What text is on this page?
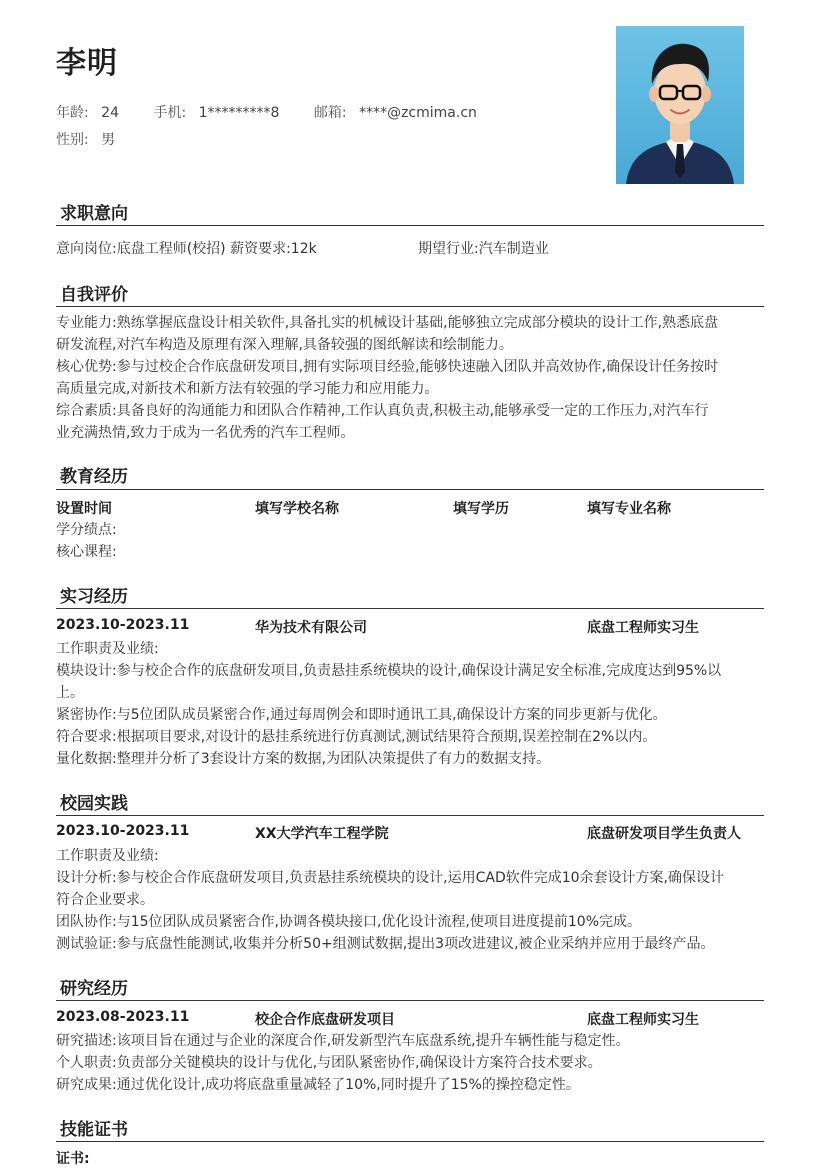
李明
年龄: 24 手机: 1*********8 邮箱: ****@zcmima.cn
性别: 男
求职意向
意向岗位:底盘工程师(校招) 薪资要求:12k	期望行业:汽车制造业
自我评价
专业能力:熟练掌握底盘设计相关软件,具备扎实的机械设计基础,能够独立完成部分模块的设计工作,熟悉底盘
研发流程,对汽车构造及原理有深入理解,具备较强的图纸解读和绘制能力。
核心优势:参与过校企合作底盘研发项目,拥有实际项目经验,能够快速融入团队并高效协作,确保设计任务按时
高质量完成,对新技术和新方法有较强的学习能力和应用能力。
综合素质:具备良好的沟通能力和团队合作精神,工作认真负责,积极主动,能够承受一定的工作压力,对汽车行
业充满热情,致力于成为一名优秀的汽车工程师。
教育经历
设置时间	填写学校名称	填写学历	填写专业名称
学分绩点:
核心课程:
实习经历
2023.10-2023.11	华为技术有限公司	底盘工程师实习生
工作职责及业绩:
模块设计:参与校企合作的底盘研发项目,负责悬挂系统模块的设计,确保设计满足安全标准,完成度达到95%以
上。
紧密协作:与5位团队成员紧密合作,通过每周例会和即时通讯工具,确保设计方案的同步更新与优化。
符合要求:根据项目要求,对设计的悬挂系统进行仿真测试,测试结果符合预期,误差控制在2%以内。
量化数据:整理并分析了3套设计方案的数据,为团队决策提供了有力的数据支持。
校园实践
2023.10-2023.11	XX大学汽车工程学院	底盘研发项目学生负责人
工作职责及业绩:
设计分析:参与校企合作底盘研发项目,负责悬挂系统模块的设计,运用CAD软件完成10余套设计方案,确保设计
符合企业要求。
团队协作:与15位团队成员紧密合作,协调各模块接口,优化设计流程,使项目进度提前10%完成。
测试验证:参与底盘性能测试,收集并分析50+组测试数据,提出3项改进建议,被企业采纳并应用于最终产品。
研究经历
2023.08-2023.11	校企合作底盘研发项目	底盘工程师实习生
研究描述:该项目旨在通过与企业的深度合作,研发新型汽车底盘系统,提升车辆性能与稳定性。
个人职责:负责部分关键模块的设计与优化,与团队紧密协作,确保设计方案符合技术要求。
研究成果:通过优化设计,成功将底盘重量减轻了10%,同时提升了15%的操控稳定性。
技能证书
证书:
